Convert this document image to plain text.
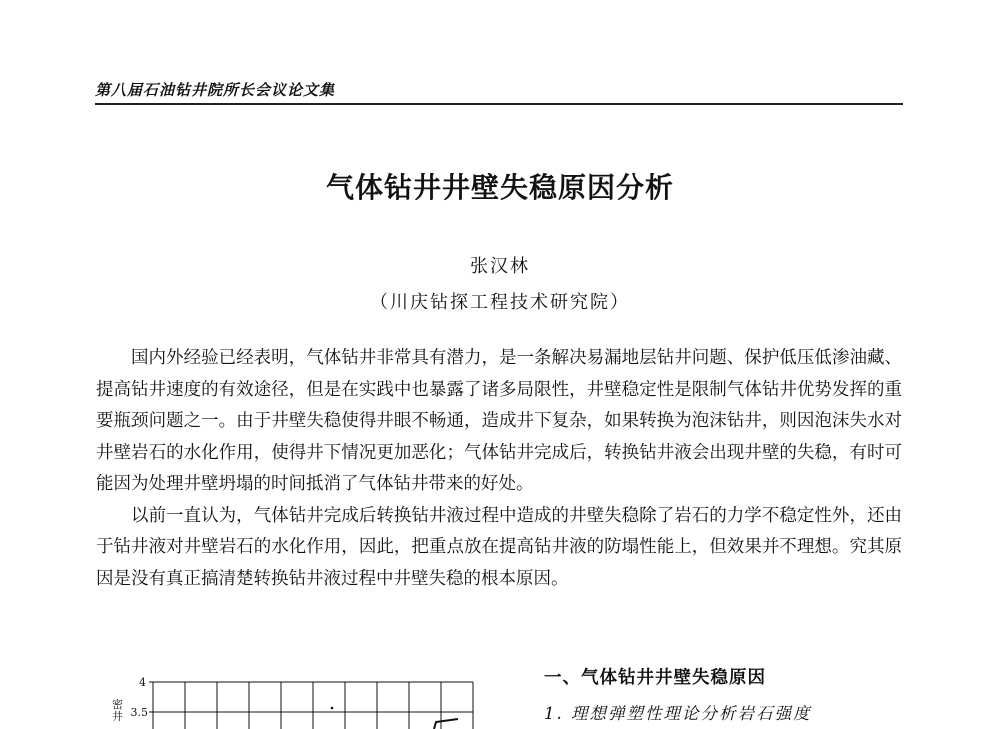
第八届石油钻井院所长会议论文集
气体钻井井壁失稳原因分析
张汉林
（川庆钻探工程技术研究院）

国内外经验已经表明，气体钻井非常具有潜力，是一条解决易漏地层钻井问题、保护低压低渗油藏、提高钻井速度的有效途径，但是在实践中也暴露了诸多局限性，井壁稳定性是限制气体钻井优势发挥的重要瓶颈问题之一。由于井壁失稳使得井眼不畅通，造成井下复杂，如果转换为泡沫钻井，则因泡沫失水对井壁岩石的水化作用，使得井下情况更加恶化；气体钻井完成后，转换钻井液会出现井壁的失稳，有时可能因为处理井壁坍塌的时间抵消了气体钻井带来的好处。

以前一直认为，气体钻井完成后转换钻井液过程中造成的井壁失稳除了岩石的力学不稳定性外，还由于钻井液对井壁岩石的水化作用，因此，把重点放在提高钻井液的防塌性能上，但效果并不理想。究其原因是没有真正搞清楚转换钻井液过程中井壁失稳的根本原因。

密
井
4
3.5
一、气体钻井井壁失稳原因
1. 理想弹塑性理论分析岩石强度
